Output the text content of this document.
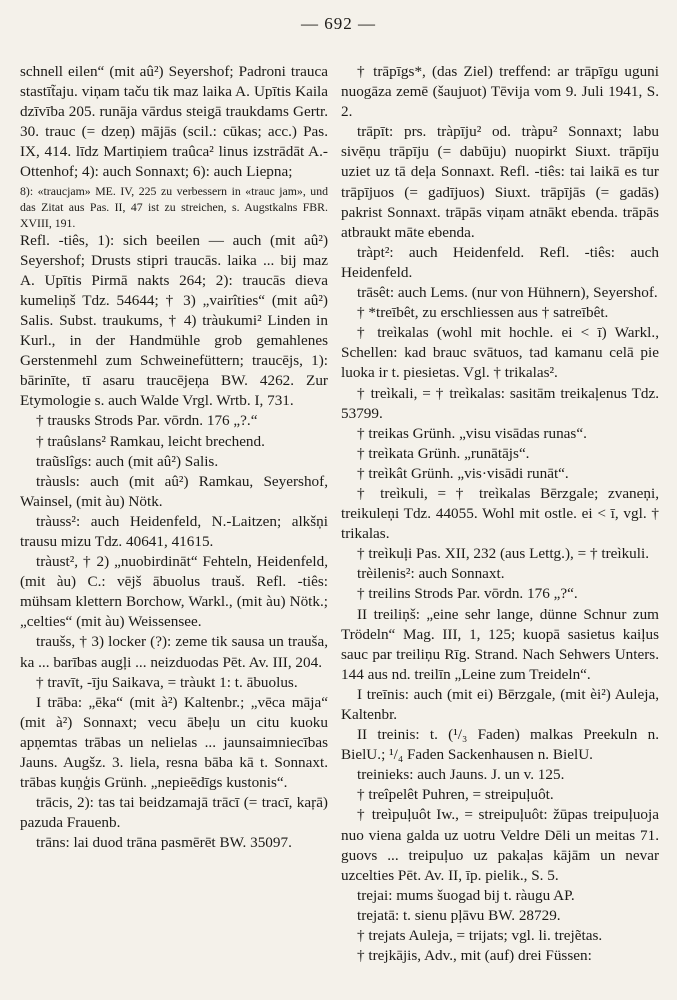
— 692 —

schnell eilen“ (mit aû²) Seyershof; Padroni trauca stastīt̃aju. viņam taču tik maz laika A. Upītis Kaila dzīvība 205. runāja vārdus steigā traukdams Gertr. 30. trauc (= dzeņ) mājās (scil.: cūkas; acc.) Pas. IX, 414. līdz Martiņiem traûca² linus izstrādāt A.-Ottenhof; 4): auch Sonnaxt; 6): auch Liepna;

8): «traucjam» ME. IV, 225 zu verbessern in «trauc jam», und das Zitat aus Pas. II, 47 ist zu streichen, s. Augstkalns FBR. XVIII, 191.

Refl. -tiês, 1): sich beeilen — auch (mit aû²) Seyershof; Drusts stipri traucās. laika ... bij maz A. Upītis Pirmā nakts 264; 2): traucās dieva kumeliņš Tdz. 54644; † 3) „vairîties“ (mit aû²) Salis. Subst. traukums, † 4) tràukumi² Linden in Kurl., in der Handmühle grob gemahlenes Gerstenmehl zum Schweinefüttern; traucējs, 1): bārinīte, tī asaru traucējeņa BW. 4262. Zur Etymologie s. auch Walde Vrgl. Wrtb. I, 731.

† trausks Strods Par. vōrdn. 176 „?.“

† traûslans² Ramkau, leicht brechend.

traũslîgs: auch (mit aû²) Salis.

tràusls: auch (mit aû²) Ramkau, Seyershof, Wainsel, (mit àu) Nötk.

tràuss²: auch Heidenfeld, N.-Laitzen; alkšņi trausu mizu Tdz. 40641, 41615.

tràust², † 2) „nuobirdināt“ Fehteln, Heidenfeld, (mit àu) C.: vējš ābuolus trauš. Refl. -tiês: mühsam klettern Borchow, Warkl., (mit àu) Nötk.; „celties“ (mit àu) Weissensee.

traušs, † 3) locker (?): zeme tik sausa un trauša, ka ... barības augļi ... neizduodas Pēt. Av. III, 204.

† travīt, -īju Saikava, = tràukt 1: t. ābuolus.

I trāba: „ēka“ (mit à²) Kaltenbr.; „vēca māja“ (mit à²) Sonnaxt; vecu ābeļu un citu kuoku apņemtas trābas un nelielas ... jaunsaimniecības Jauns. Augšz. 3. liela, resna bāba kā t. Sonnaxt. trābas kuņģis Grünh. „nepieēdīgs kustonis“.

trācis, 2): tas tai beidzamajā trācī (= tracī, kaŗā) pazuda Frauenb.

trāns: lai duod trāna pasmērēt BW. 35097.

† trāpīgs*, (das Ziel) treffend: ar trāpīgu uguni nuogāza zemē (šaujuot) Tēvija vom 9. Juli 1941, S. 2.

trāpīt: prs. tràpīju² od. tràpu² Sonnaxt; labu sivēņu trāpīju (= dabūju) nuopirkt Siuxt. trāpīju uziet uz tā deļa Sonnaxt. Refl. -tiês: tai laikā es tur trāpījuos (= gadījuos) Siuxt. trāpījās (= gadās) pakrist Sonnaxt. trāpās viņam atnākt ebenda. trāpās atbraukt māte ebenda.

tràpt²: auch Heidenfeld. Refl. -tiês: auch Heidenfeld.

trāsêt: auch Lems. (nur von Hühnern), Seyershof.

† *treībêt, zu erschliessen aus † satreībêt.

† treìkalas (wohl mit hochle. ei < ī) Warkl., Schellen: kad brauc svātuos, tad kamanu celā pie luoka ir t. piesietas. Vgl. † trikalas².

† treìkali, = † treìkalas: sasitām treikaļenus Tdz. 53799.

† treikas Grünh. „visu visādas runas“.

† treìkata Grünh. „runātājs“.

† treìkât Grünh. „vis·visādi runāt“.

† treìkuli, = † treìkalas Bērzgale; zvaneņi, treikuleņi Tdz. 44055. Wohl mit ostle. ei < ī, vgl. † trikalas.

† treìkuļi Pas. XII, 232 (aus Lettg.), = † treìkuli.

trèilenis²: auch Sonnaxt.

† treilins Strods Par. vōrdn. 176 „?“.

II treiliņš: „eine sehr lange, dünne Schnur zum Trödeln“ Mag. III, 1, 125; kuopā sasietus kaiļus sauc par treiliņu Rīg. Strand. Nach Sehwers Unters. 144 aus nd. treilīn „Leine zum Treideln“.

I treīnis: auch (mit ei) Bērzgale, (mit èi²) Auleja, Kaltenbr.

II treinis: t. (¹/₃ Faden) malkas Preekuln n. BielU.; ¹/₄ Faden Sackenhausen n. BielU.

treinieks: auch Jauns. J. un v. 125.

† treîpelêt Puhren, = streipuļuôt.

† treìpuļuôt Iw., = streipuļuôt: žūpas treipuļuoja nuo viena galda uz uotru Veldre Dēli un meitas 71. guovs ... treipuļuo uz pakaļas kājām un nevar uzcelties Pēt. Av. II, īp. pielik., S. 5.

trejai: mums šuogad bij t. ràugu AP.

trejatā: t. sienu pļāvu BW. 28729.

† trejats Auleja, = trijats; vgl. li. trejẽtas.

† trejkājis, Adv., mit (auf) drei Füssen:
